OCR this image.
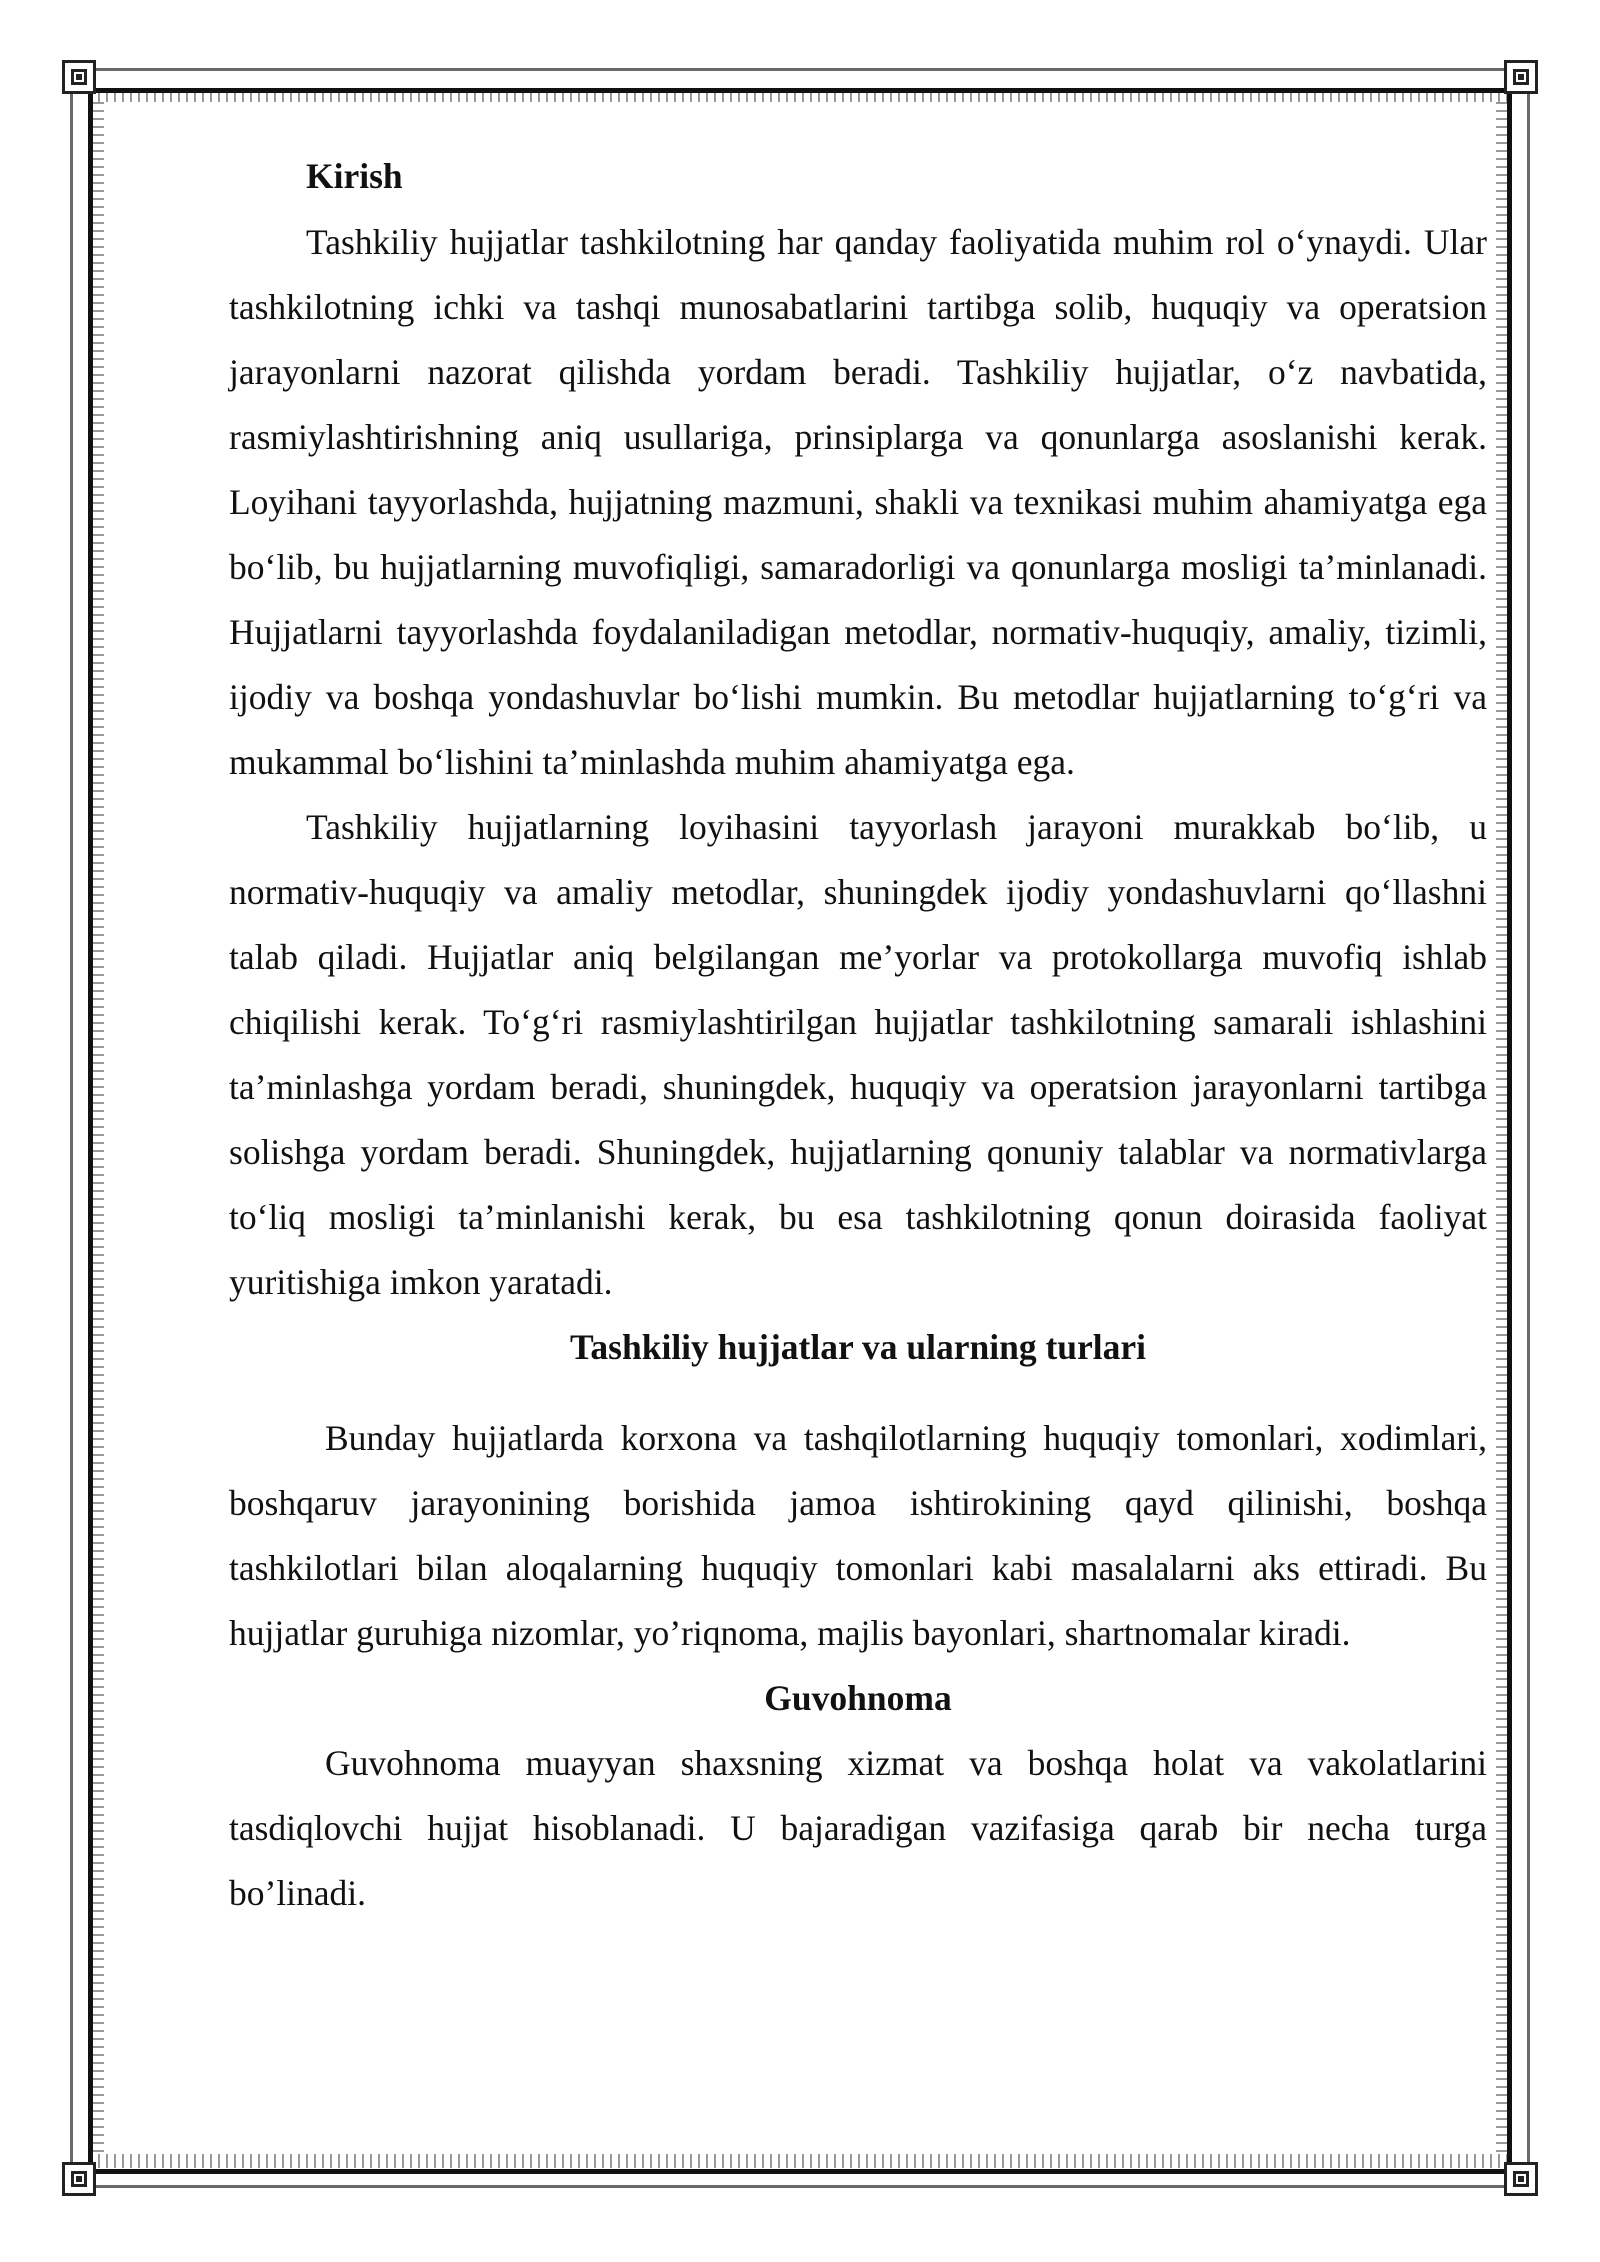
Kirish

Tashkiliy hujjatlar tashkilotning har qanday faoliyatida muhim rol o‘ynaydi. Ular tashkilotning ichki va tashqi munosabatlarini tartibga solib, huquqiy va operatsion jarayonlarni nazorat qilishda yordam beradi. Tashkiliy hujjatlar, o‘z navbatida, rasmiylashtirishning aniq usullariga, prinsiplarga va qonunlarga asoslanishi kerak. Loyihani tayyorlashda, hujjatning mazmuni, shakli va texnikasi muhim ahamiyatga ega bo‘lib, bu hujjatlarning muvofiqligi, samaradorligi va qonunlarga mosligi ta’minlanadi. Hujjatlarni tayyorlashda foydalaniladigan metodlar, normativ-huquqiy, amaliy, tizimli, ijodiy va boshqa yondashuvlar bo‘lishi mumkin. Bu metodlar hujjatlarning to‘g‘ri va mukammal bo‘lishini ta’minlashda muhim ahamiyatga ega.

Tashkiliy hujjatlarning loyihasini tayyorlash jarayoni murakkab bo‘lib, u normativ-huquqiy va amaliy metodlar, shuningdek ijodiy yondashuvlarni qo‘llashni talab qiladi. Hujjatlar aniq belgilangan me’yorlar va protokollarga muvofiq ishlab chiqilishi kerak. To‘g‘ri rasmiylashtirilgan hujjatlar tashkilotning samarali ishlashini ta’minlashga yordam beradi, shuningdek, huquqiy va operatsion jarayonlarni tartibga solishga yordam beradi. Shuningdek, hujjatlarning qonuniy talablar va normativlarga to‘liq mosligi ta’minlanishi kerak, bu esa tashkilotning qonun doirasida faoliyat yuritishiga imkon yaratadi.

Tashkiliy hujjatlar va ularning turlari

Bunday hujjatlarda korxona va tashqilotlarning huquqiy tomonlari, xodimlari, boshqaruv jarayonining borishida jamoa ishtirokining qayd qilinishi, boshqa tashkilotlari bilan aloqalarning huquqiy tomonlari kabi masalalarni aks ettiradi. Bu hujjatlar guruhiga nizomlar, yo’riqnoma, majlis bayonlari, shartnomalar kiradi.

Guvohnoma

Guvohnoma muayyan shaxsning xizmat va boshqa holat va vakolatlarini tasdiqlovchi hujjat hisoblanadi. U bajaradigan vazifasiga qarab bir necha turga bo’linadi.
